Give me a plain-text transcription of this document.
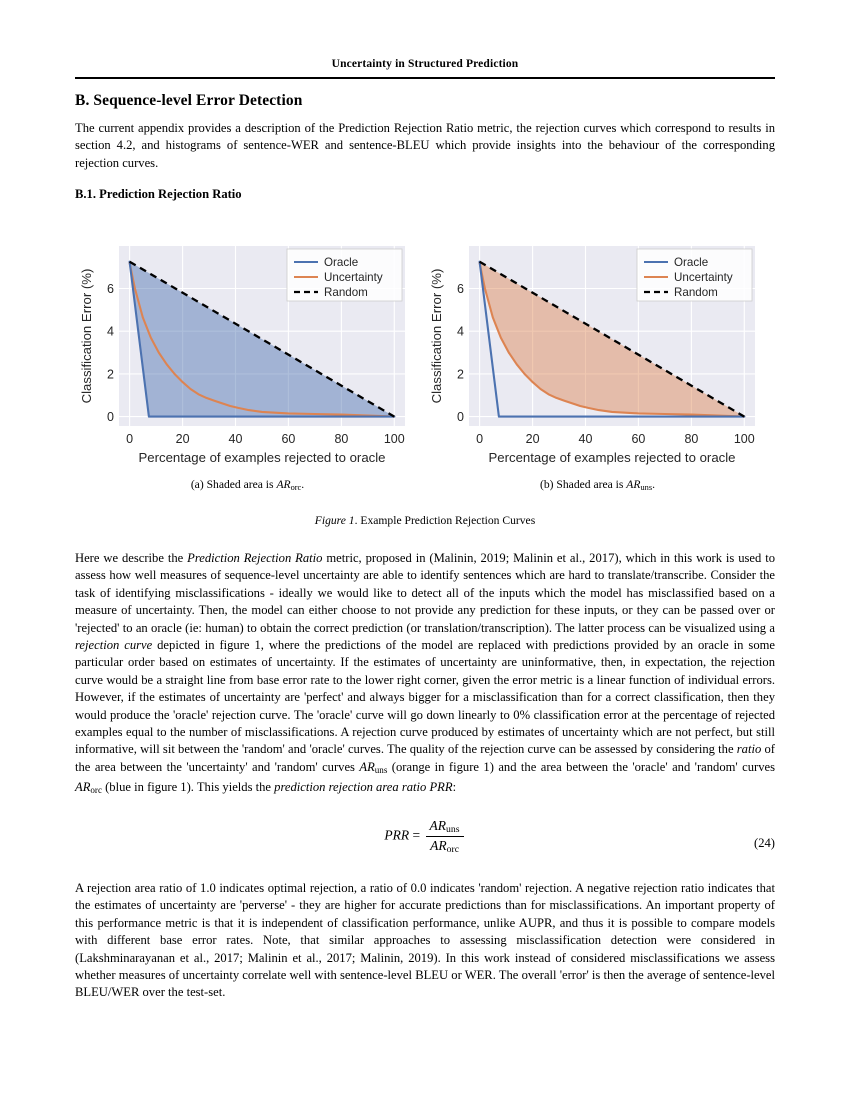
Uncertainty in Structured Prediction
B. Sequence-level Error Detection
The current appendix provides a description of the Prediction Rejection Ratio metric, the rejection curves which correspond to results in section 4.2, and histograms of sentence-WER and sentence-BLEU which provide insights into the behaviour of the corresponding rejection curves.
B.1. Prediction Rejection Ratio
0
2
4
6
0	20	40	60	80	100
Percentage of examples rejected to oracle
Classification Error (%)
Oracle
Uncertainty
Random
0
2
4
6
0	20	40	60	80	100
Percentage of examples rejected to oracle
Classification Error (%)
Oracle
Uncertainty
Random
(a) Shaded area is $AR_{orc}$.	(b) Shaded area is $AR_{uns}$.
Figure 1. Example Prediction Rejection Curves
Here we describe the Prediction Rejection Ratio metric, proposed in (Malinin, 2019; Malinin et al., 2017), which in this work is used to assess how well measures of sequence-level uncertainty are able to identify sentences which are hard to translate/transcribe. Consider the task of identifying misclassifications - ideally we would like to detect all of the inputs which the model has misclassified based on a measure of uncertainty. Then, the model can either choose to not provide any prediction for these inputs, or they can be passed over or 'rejected' to an oracle (ie: human) to obtain the correct prediction (or translation/transcription). The latter process can be visualized using a rejection curve depicted in figure 1, where the predictions of the model are replaced with predictions provided by an oracle in some particular order based on estimates of uncertainty. If the estimates of uncertainty are uninformative, then, in expectation, the rejection curve would be a straight line from base error rate to the lower right corner, given the error metric is a linear function of individual errors. However, if the estimates of uncertainty are 'perfect' and always bigger for a misclassification than for a correct classification, then they would produce the 'oracle' rejection curve. The 'oracle' curve will go down linearly to 0% classification error at the percentage of rejected examples equal to the number of misclassifications. A rejection curve produced by estimates of uncertainty which are not perfect, but still informative, will sit between the 'random' and 'oracle' curves. The quality of the rejection curve can be assessed by considering the ratio of the area between the 'uncertainty' and 'random' curves $AR_{uns}$ (orange in figure 1) and the area between the 'oracle' and 'random' curves $AR_{orc}$ (blue in figure 1). This yields the prediction rejection area ratio PRR:
PRR = $\frac{AR_{uns}}{AR_{orc}}$	(24)
A rejection area ratio of 1.0 indicates optimal rejection, a ratio of 0.0 indicates 'random' rejection. A negative rejection ratio indicates that the estimates of uncertainty are 'perverse' - they are higher for accurate predictions than for misclassifications. An important property of this performance metric is that it is independent of classification performance, unlike AUPR, and thus it is possible to compare models with different base error rates. Note, that similar approaches to assessing misclassification detection were considered in (Lakshminarayanan et al., 2017; Malinin et al., 2017; Malinin, 2019). In this work instead of considered misclassifications we assess whether measures of uncertainty correlate well with sentence-level BLEU or WER. The overall 'error' is then the average of sentence-level BLEU/WER over the test-set.
